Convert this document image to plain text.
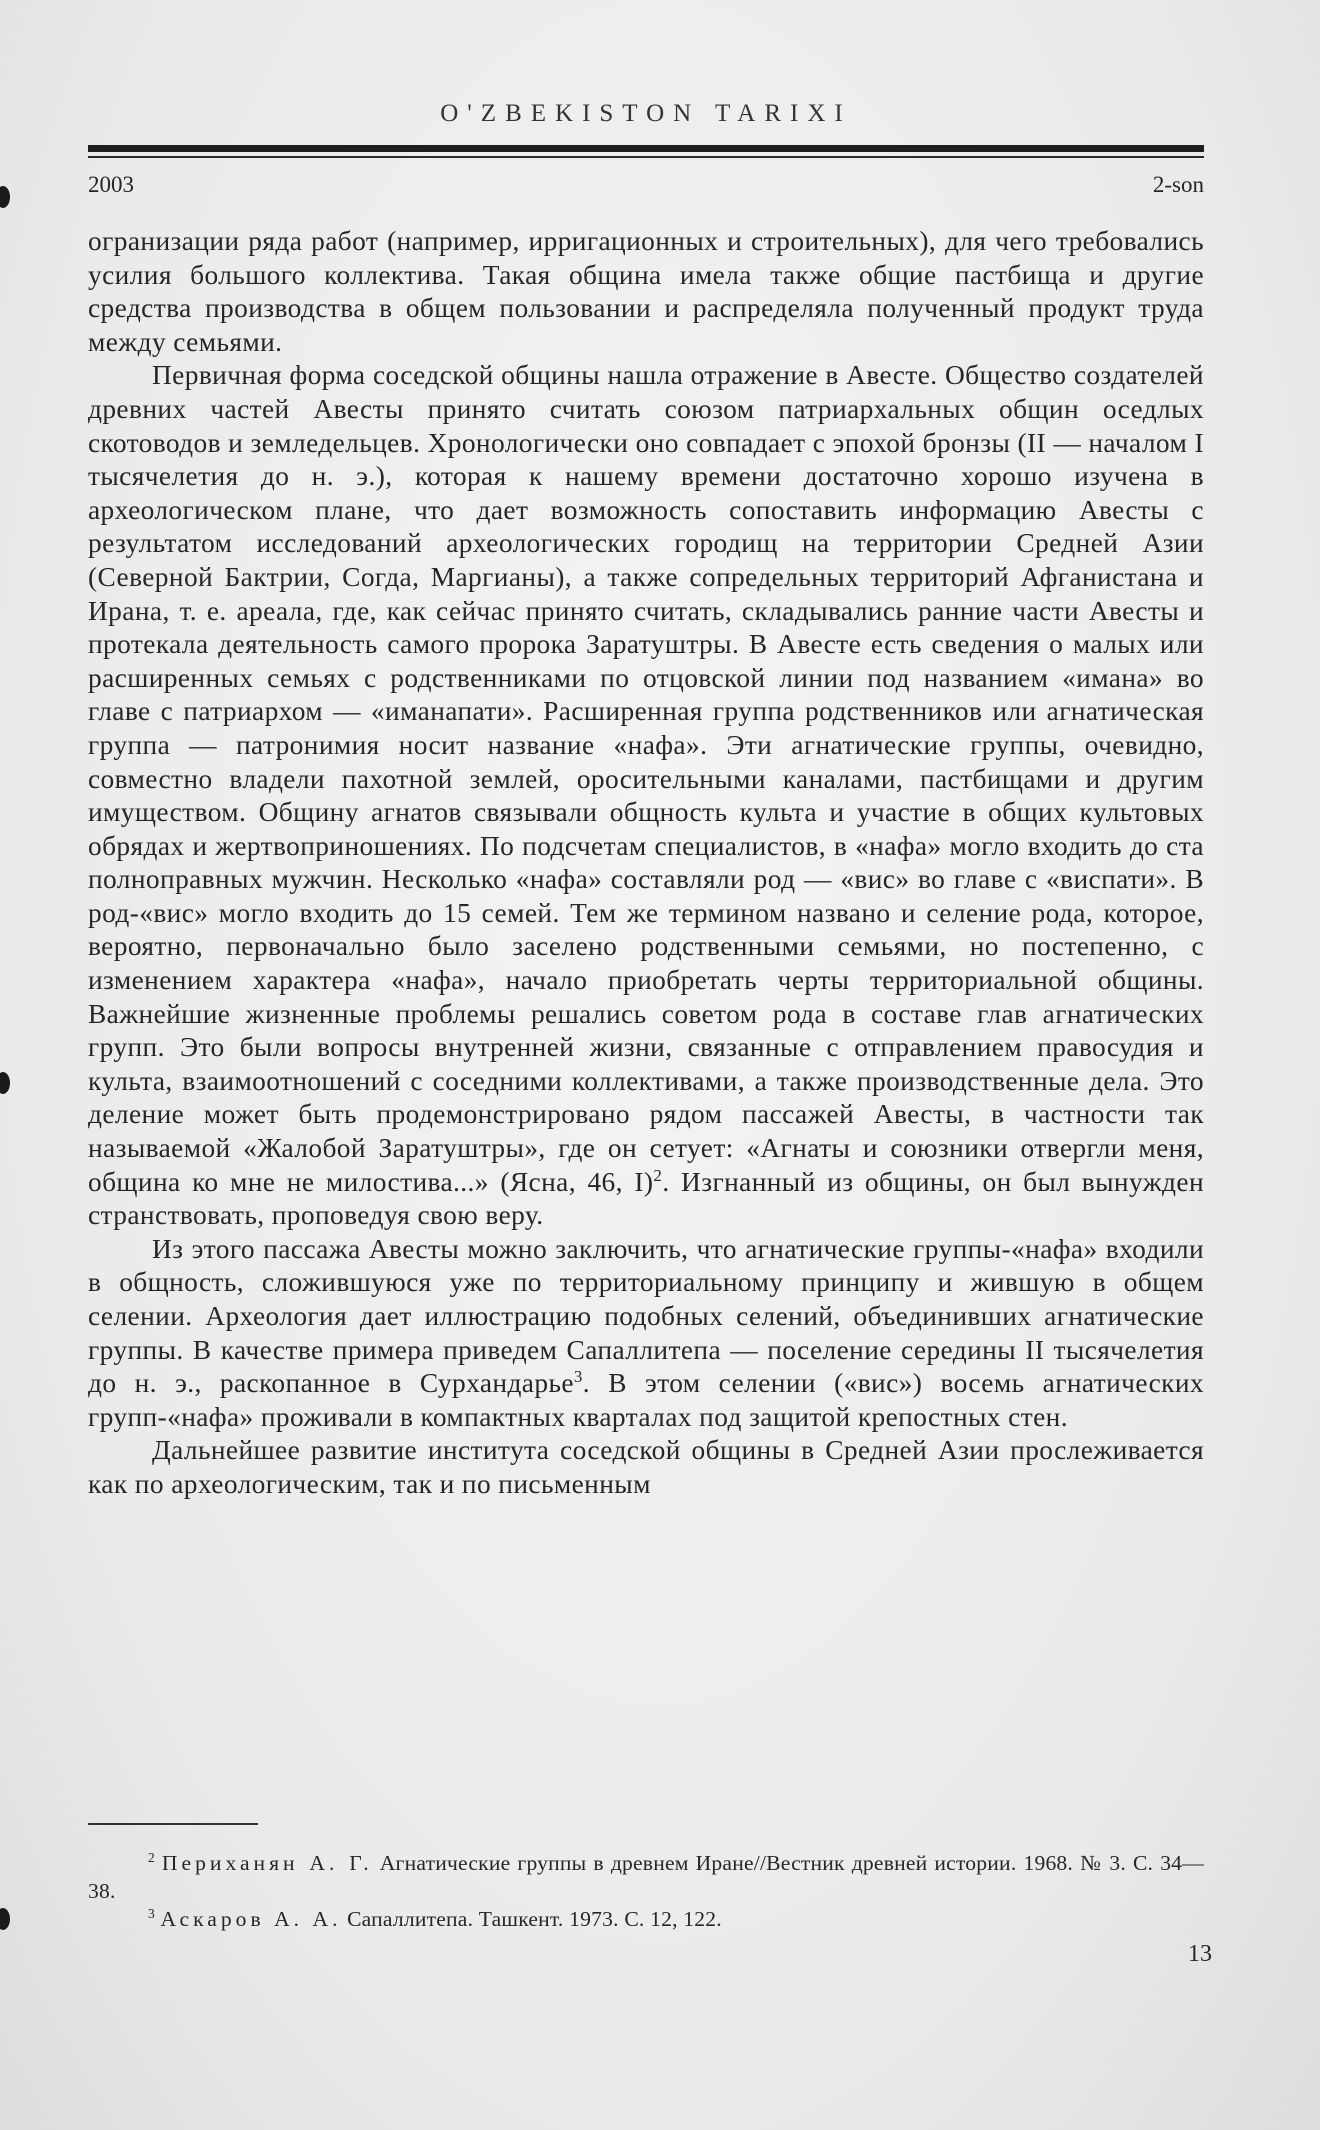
O'ZBEKISTON TARIXI
2003	2-son

огранизации ряда работ (например, ирригационных и строительных), для чего требовались усилия большого коллектива. Такая община имела также общие пастбища и другие средства производства в общем пользовании и распределяла полученный продукт труда между семьями.

Первичная форма соседской общины нашла отражение в Авесте. Общество создателей древних частей Авесты принято считать союзом патриархальных общин оседлых скотоводов и земледельцев. Хронологически оно совпадает с эпохой бронзы (II — началом I тысячелетия до н. э.), которая к нашему времени достаточно хорошо изучена в археологическом плане, что дает возможность сопоставить информацию Авесты с результатом исследований археологических городищ на территории Средней Азии (Северной Бактрии, Согда, Маргианы), а также сопредельных территорий Афганистана и Ирана, т. е. ареала, где, как сейчас принято считать, складывались ранние части Авесты и протекала деятельность самого пророка Заратуштры. В Авесте есть сведения о малых или расширенных семьях с родственниками по отцовской линии под названием «имана» во главе с патриархом — «иманапати». Расширенная группа родственников или агнатическая группа — патронимия носит название «нафа». Эти агнатические группы, очевидно, совместно владели пахотной землей, оросительными каналами, пастбищами и другим имуществом. Общину агнатов связывали общность культа и участие в общих культовых обрядах и жертвоприношениях. По подсчетам специалистов, в «нафа» могло входить до ста полноправных мужчин. Несколько «нафа» составляли род — «вис» во главе с «виспати». В род-«вис» могло входить до 15 семей. Тем же термином названо и селение рода, которое, вероятно, первоначально было заселено родственными семьями, но постепенно, с изменением характера «нафа», начало приобретать черты территориальной общины. Важнейшие жизненные проблемы решались советом рода в составе глав агнатических групп. Это были вопросы внутренней жизни, связанные с отправлением правосудия и культа, взаимоотношений с соседними коллективами, а также производственные дела. Это деление может быть продемонстрировано рядом пассажей Авесты, в частности так называемой «Жалобой Заратуштры», где он сетует: «Агнаты и союзники отвергли меня, община ко мне не милостива...» (Ясна, 46, I)$^2$. Изгнанный из общины, он был вынужден странствовать, проповедуя свою веру.

Из этого пассажа Авесты можно заключить, что агнатические группы-«нафа» входили в общность, сложившуюся уже по территориальному принципу и жившую в общем селении. Археология дает иллюстрацию подобных селений, объединивших агнатические группы. В качестве примера приведем Сапаллитепа — поселение середины II тысячелетия до н. э., раскопанное в Сурхандарье$^3$. В этом селении («вис») восемь агнатических групп-«нафа» проживали в компактных кварталах под защитой крепостных стен.

Дальнейшее развитие института соседской общины в Средней Азии прослеживается как по археологическим, так и по письменным

$^2$ Периханян А. Г. Агнатические группы в древнем Иране//Вестник древней истории. 1968. № 3. С. 34—38.

$^3$ Аскаров А. А. Сапаллитепа. Ташкент. 1973. С. 12, 122.

13
